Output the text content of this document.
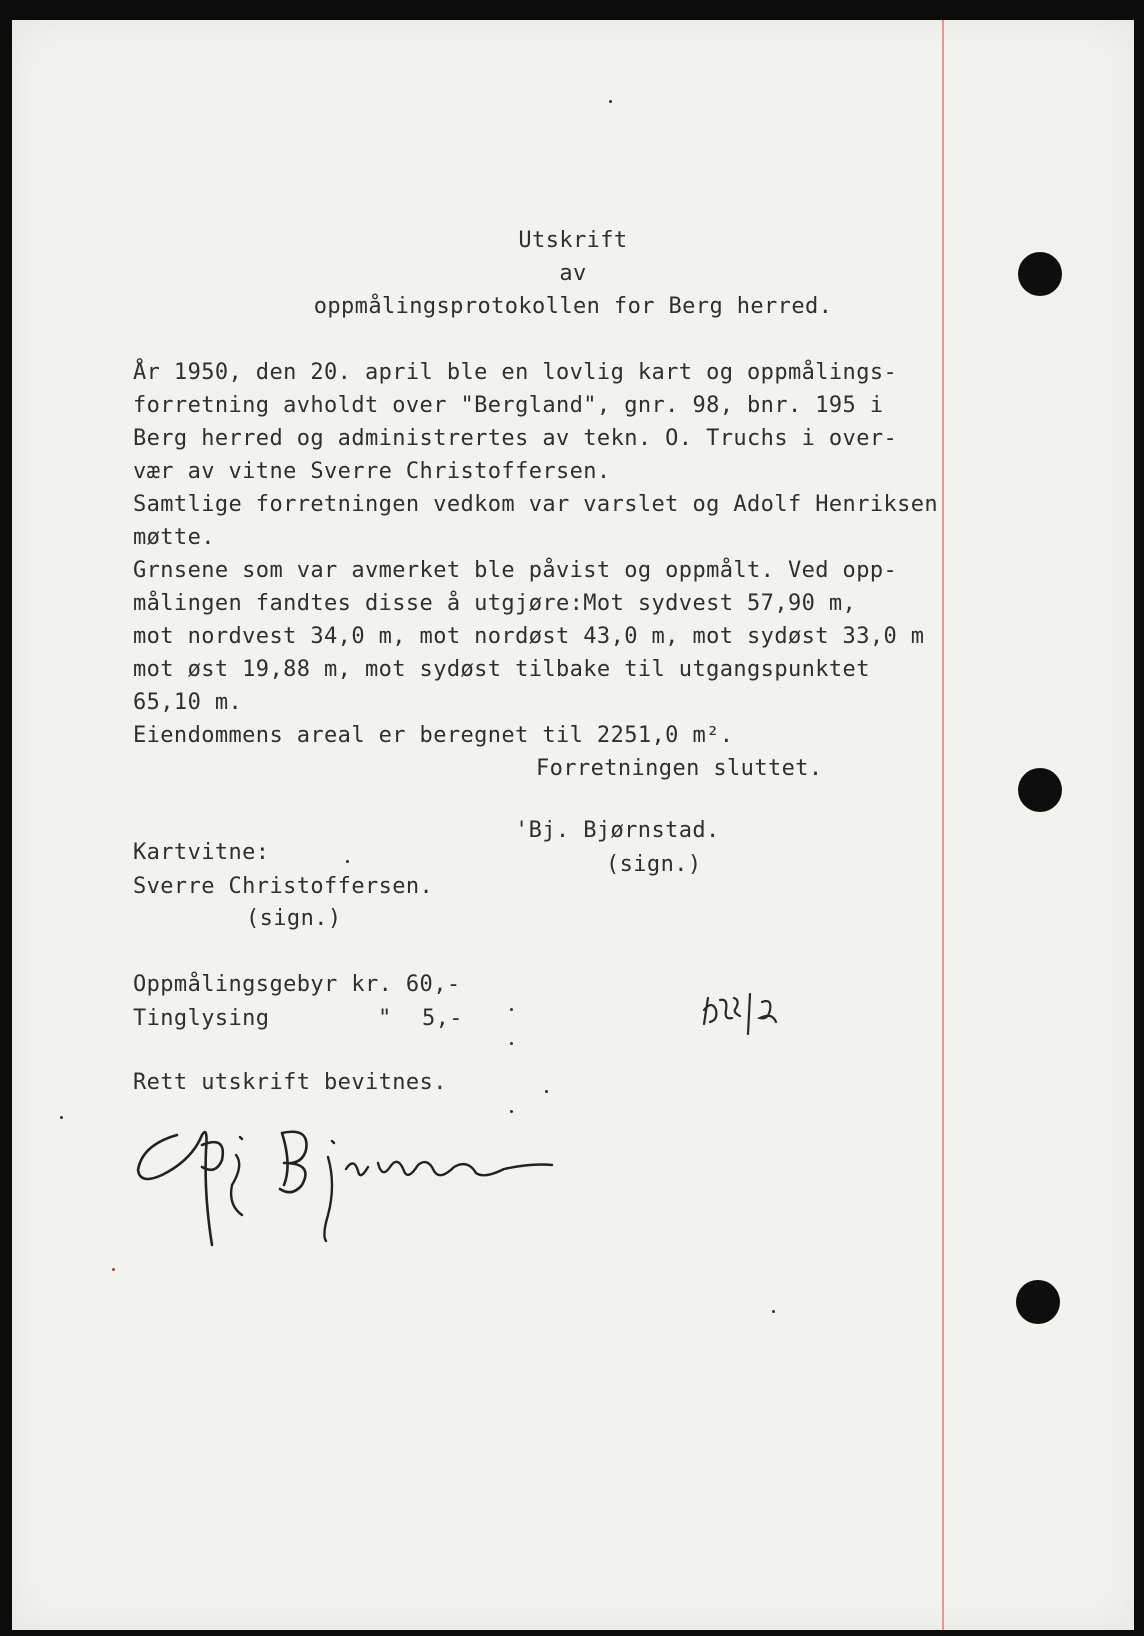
Utskrift
av
oppmålingsprotokollen for Berg herred.
År 1950, den 20. april ble en lovlig kart og oppmålings-
forretning avholdt over "Bergland", gnr. 98, bnr. 195 i
Berg herred og administrertes av tekn. O. Truchs i over-
vær av vitne Sverre Christoffersen.
Samtlige forretningen vedkom var varslet og Adolf Henriksen
møtte.
Grnsene som var avmerket ble påvist og oppmålt. Ved opp-
målingen fandtes disse å utgjøre:Mot sydvest 57,90 m,
mot nordvest 34,0 m, mot nordøst 43,0 m, mot sydøst 33,0 m
mot øst 19,88 m, mot sydøst tilbake til utgangspunktet
65,10 m.
Eiendommens areal er beregnet til 2251,0 m².
Forretningen sluttet.
'Bj. Bjørnstad.
(sign.)
Kartvitne:
Sverre Christoffersen.
(sign.)
Oppmålingsgebyr kr. 60,-
Tinglysing	" 5,-
Rett utskrift bevitnes.
